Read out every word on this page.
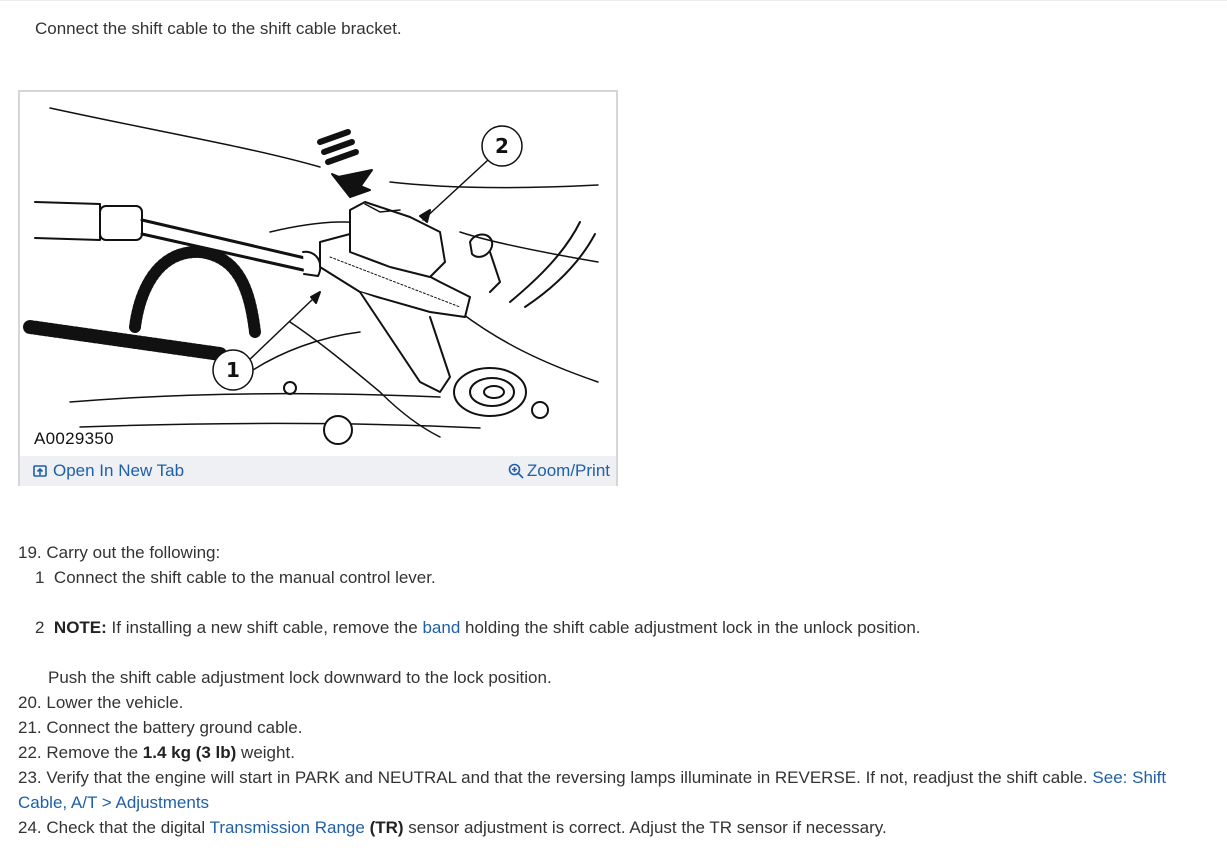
Connect the shift cable to the shift cable bracket.
2
1
A0029350
Open In New Tab	Zoom/Print
19. Carry out the following:
1 Connect the shift cable to the manual control lever.
2 NOTE: If installing a new shift cable, remove the band holding the shift cable adjustment lock in the unlock position.
Push the shift cable adjustment lock downward to the lock position.
20. Lower the vehicle.
21. Connect the battery ground cable.
22. Remove the 1.4 kg (3 lb) weight.
23. Verify that the engine will start in PARK and NEUTRAL and that the reversing lamps illuminate in REVERSE. If not, readjust the shift cable. See: Shift Cable, A/T > Adjustments
24. Check that the digital Transmission Range (TR) sensor adjustment is correct. Adjust the TR sensor if necessary.
